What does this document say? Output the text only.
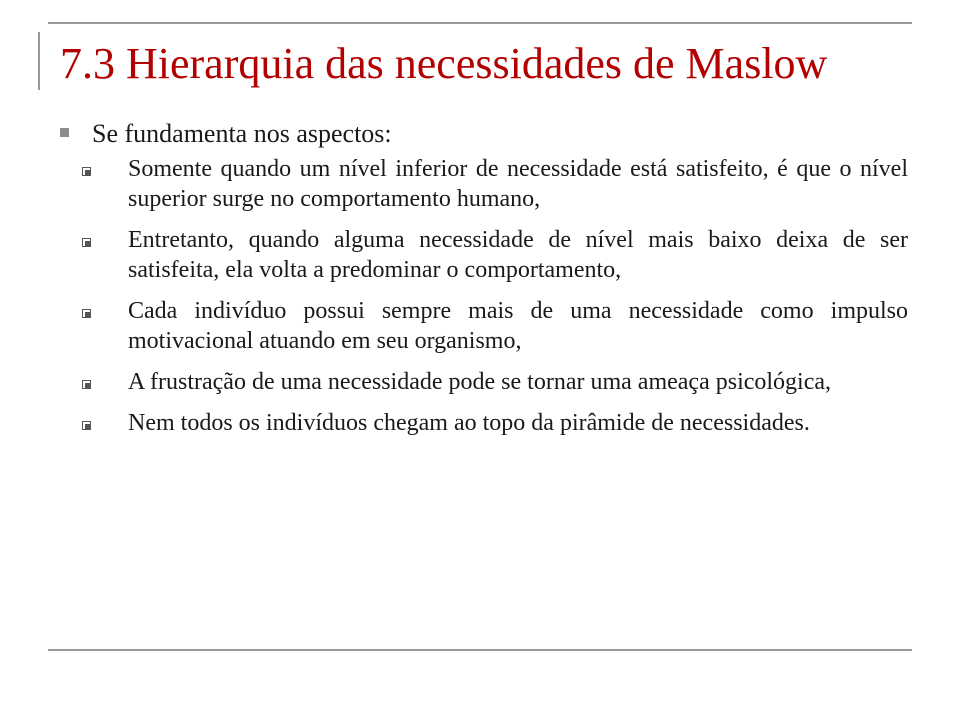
7.3 Hierarquia das necessidades de Maslow
Se fundamenta nos aspectos:
Somente quando um nível inferior de necessidade está satisfeito, é que o nível superior surge no comportamento humano,
Entretanto, quando alguma necessidade de nível mais baixo deixa de ser satisfeita, ela volta a predominar o comportamento,
Cada indivíduo possui sempre mais de uma necessidade como impulso motivacional atuando em seu organismo,
A frustração de uma necessidade pode se tornar uma ameaça psicológica,
Nem todos os indivíduos chegam ao topo da pirâmide de necessidades.
